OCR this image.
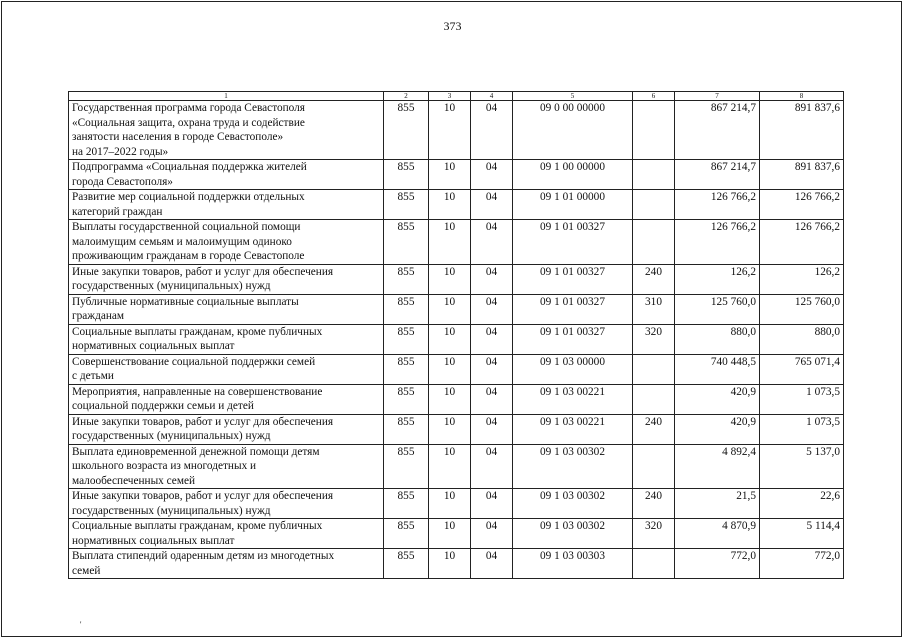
373
1	2	3	4	5	6	7	8

Государственная программа города Севастополя
«Социальная защита, охрана труда и содействие
занятости населения в городе Севастополе»
на 2017–2022 годы»	855	10	04	09 0 00 00000		867 214,7	891 837,6

Подпрограмма «Социальная поддержка жителей
города Севастополя»	855	10	04	09 1 00 00000		867 214,7	891 837,6

Развитие мер социальной поддержки отдельных
категорий граждан	855	10	04	09 1 01 00000		126 766,2	126 766,2

Выплаты государственной социальной помощи
малоимущим семьям и малоимущим одиноко
проживающим гражданам в городе Севастополе	855	10	04	09 1 01 00327		126 766,2	126 766,2

Иные закупки товаров, работ и услуг для обеспечения
государственных (муниципальных) нужд	855	10	04	09 1 01 00327	240	126,2	126,2

Публичные нормативные социальные выплаты
гражданам	855	10	04	09 1 01 00327	310	125 760,0	125 760,0

Социальные выплаты гражданам, кроме публичных
нормативных социальных выплат	855	10	04	09 1 01 00327	320	880,0	880,0

Совершенствование социальной поддержки семей
с детьми	855	10	04	09 1 03 00000		740 448,5	765 071,4

Мероприятия, направленные на совершенствование
социальной поддержки семьи и детей	855	10	04	09 1 03 00221		420,9	1 073,5

Иные закупки товаров, работ и услуг для обеспечения
государственных (муниципальных) нужд	855	10	04	09 1 03 00221	240	420,9	1 073,5

Выплата единовременной денежной помощи детям
школьного возраста из многодетных и
малообеспеченных семей	855	10	04	09 1 03 00302		4 892,4	5 137,0

Иные закупки товаров, работ и услуг для обеспечения
государственных (муниципальных) нужд	855	10	04	09 1 03 00302	240	21,5	22,6

Социальные выплаты гражданам, кроме публичных
нормативных социальных выплат	855	10	04	09 1 03 00302	320	4 870,9	5 114,4

Выплата стипендий одаренным детям из многодетных
семей	855	10	04	09 1 03 00303		772,0	772,0
'
